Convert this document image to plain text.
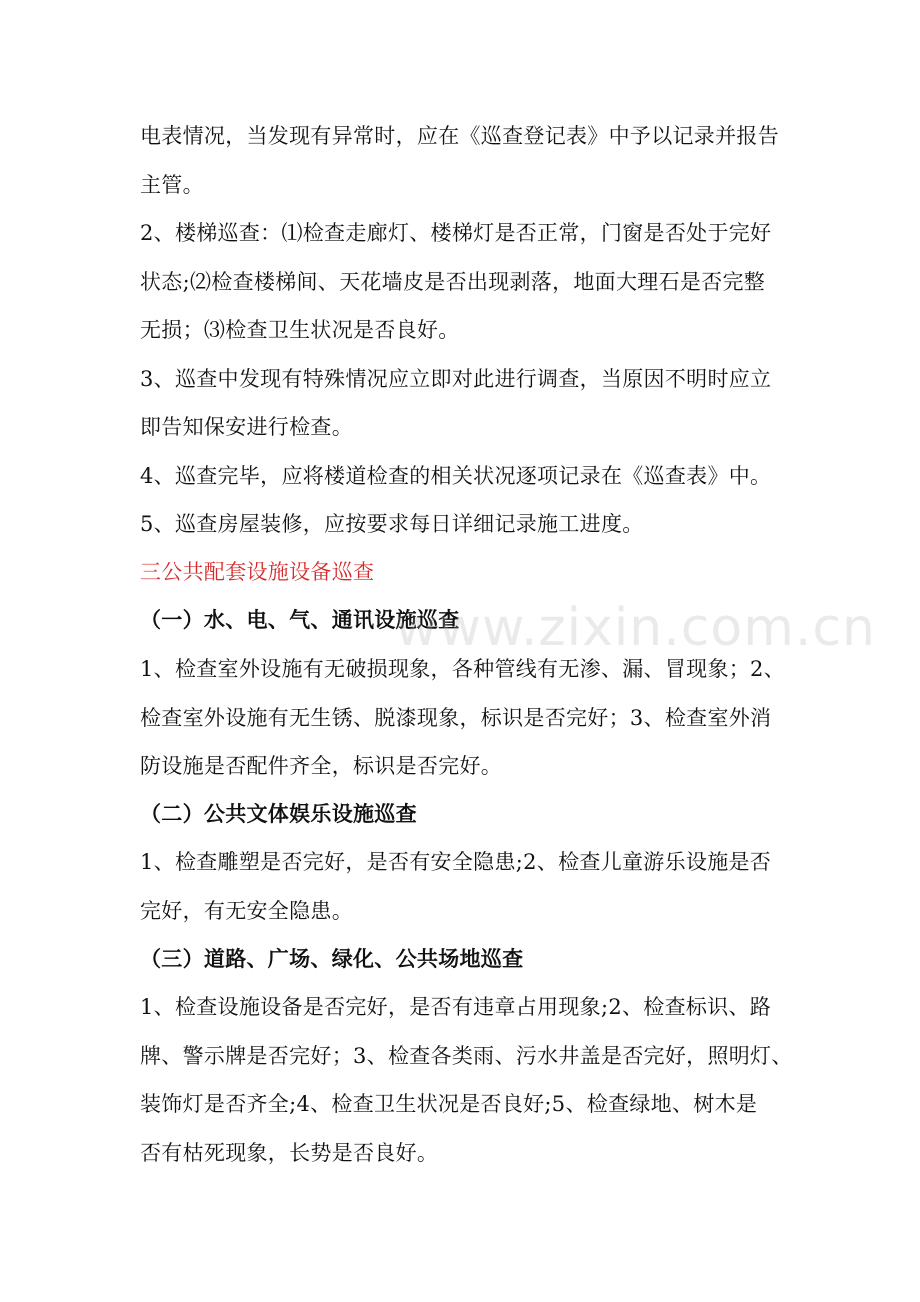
电表情况，当发现有异常时，应在《巡查登记表》中予以记录并报告
主管。
2、楼梯巡查：⑴检查走廊灯、楼梯灯是否正常，门窗是否处于完好
状态;⑵检查楼梯间、天花墙皮是否出现剥落，地面大理石是否完整
无损；⑶检查卫生状况是否良好。
3、巡查中发现有特殊情况应立即对此进行调查，当原因不明时应立
即告知保安进行检查。
4、巡查完毕，应将楼道检查的相关状况逐项记录在《巡查表》中。
5、巡查房屋装修，应按要求每日详细记录施工进度。
三公共配套设施设备巡查
（一）水、电、气、通讯设施巡查
1、检查室外设施有无破损现象，各种管线有无渗、漏、冒现象；2、
检查室外设施有无生锈、脱漆现象，标识是否完好；3、检查室外消
防设施是否配件齐全，标识是否完好。
（二）公共文体娱乐设施巡查
1、检查雕塑是否完好，是否有安全隐患;2、检查儿童游乐设施是否
完好，有无安全隐患。
（三）道路、广场、绿化、公共场地巡查
1、检查设施设备是否完好，是否有违章占用现象;2、检查标识、路
牌、警示牌是否完好；3、检查各类雨、污水井盖是否完好，照明灯、
装饰灯是否齐全;4、检查卫生状况是否良好;5、检查绿地、树木是
否有枯死现象，长势是否良好。
www.zixin.com.cn
